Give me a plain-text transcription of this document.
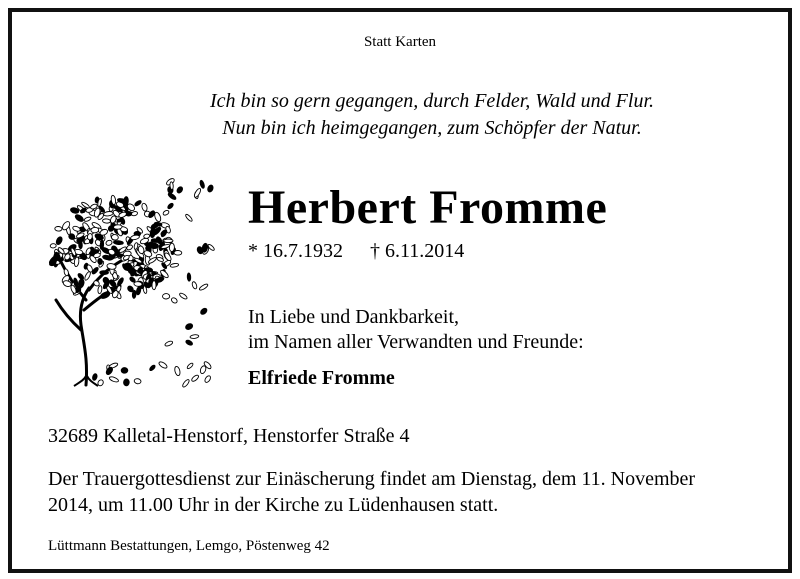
Statt Karten
Ich bin so gern gegangen, durch Felder, Wald und Flur.
Nun bin ich heimgegangen, zum Schöpfer der Natur.
Herbert Fromme
* 16.7.1932 † 6.11.2014
In Liebe und Dankbarkeit,
im Namen aller Verwandten und Freunde:
Elfriede Fromme
32689 Kalletal-Henstorf, Henstorfer Straße 4
Der Trauergottesdienst zur Einäscherung findet am Dienstag, dem 11. November
2014, um 11.00 Uhr in der Kirche zu Lüdenhausen statt.
Lüttmann Bestattungen, Lemgo, Pöstenweg 42
